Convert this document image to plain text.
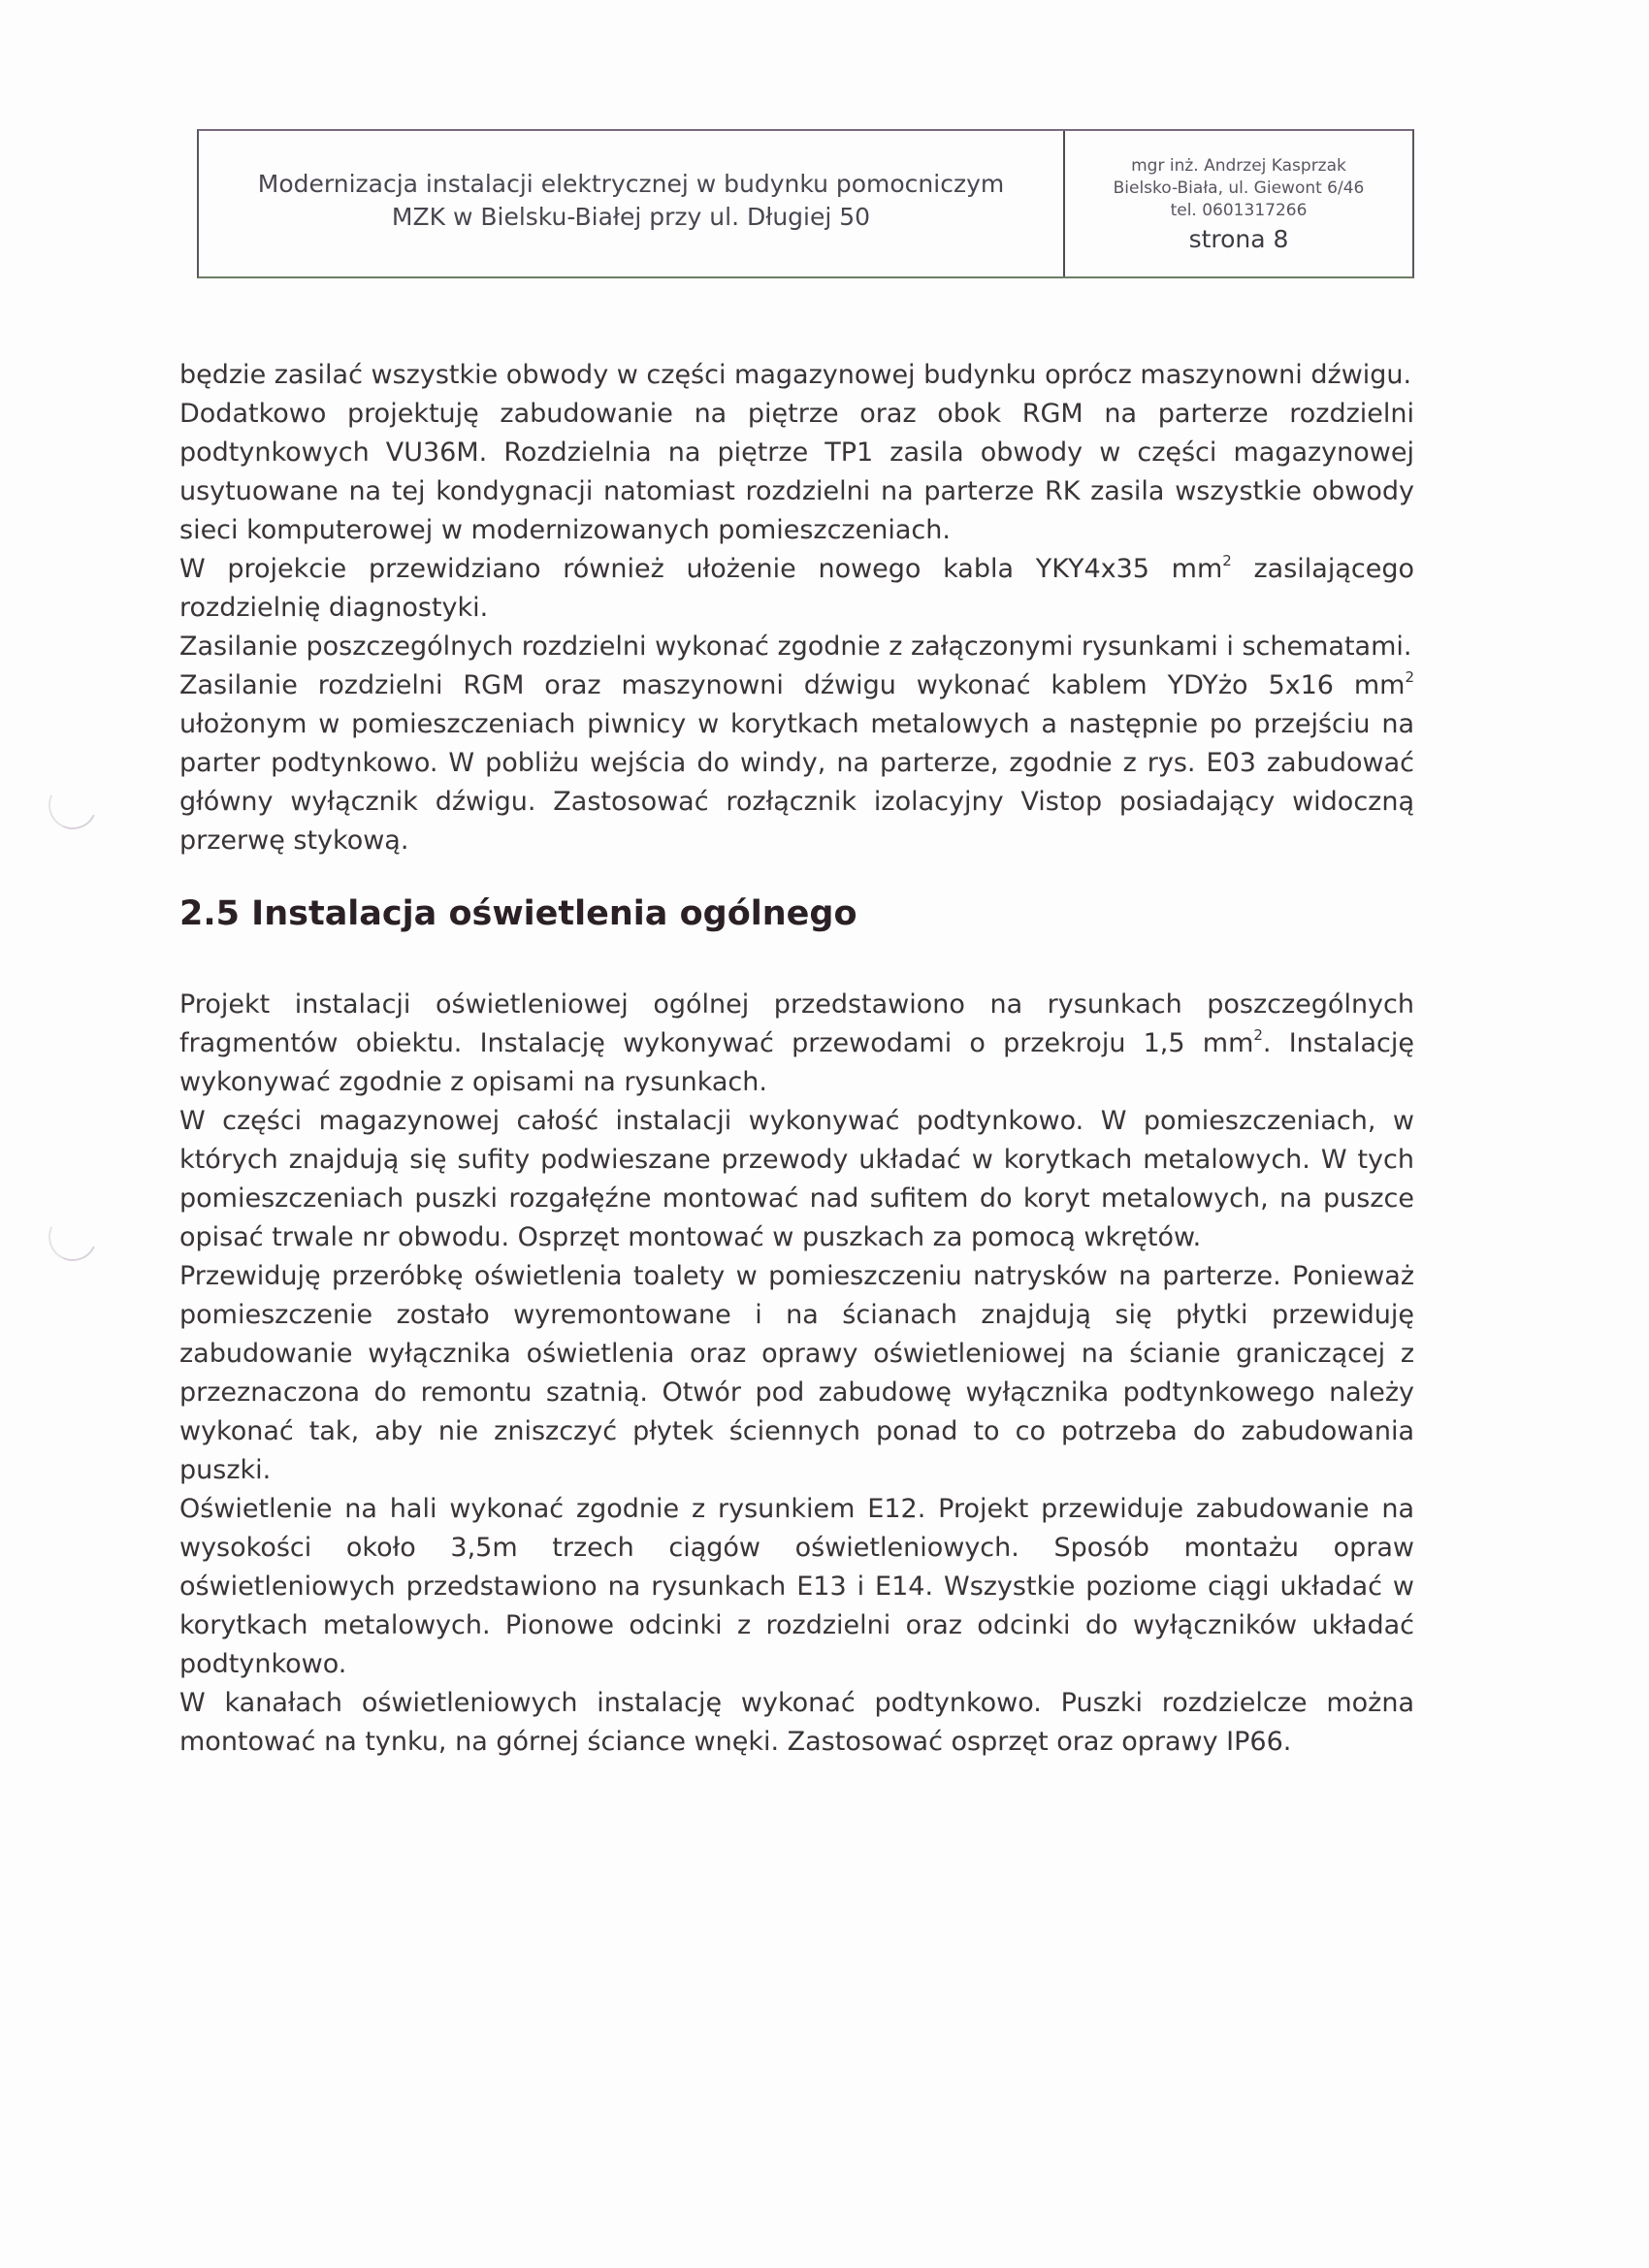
Modernizacja instalacji elektrycznej w budynku pomocniczym
MZK w Bielsku-Białej przy ul. Długiej 50
mgr inż. Andrzej Kasprzak
Bielsko-Biała, ul. Giewont 6/46
tel. 0601317266
strona 8

będzie zasilać wszystkie obwody w części magazynowej budynku oprócz maszynowni dźwigu.

Dodatkowo projektuję zabudowanie na piętrze oraz obok RGM na parterze rozdzielni podtynkowych VU36M. Rozdzielnia na piętrze TP1 zasila obwody w części magazynowej usytuowane na tej kondygnacji natomiast rozdzielni na parterze RK zasila wszystkie obwody sieci komputerowej w modernizowanych pomieszczeniach.

W projekcie przewidziano również ułożenie nowego kabla YKY4x35 $mm^2$ zasilającego rozdzielnię diagnostyki.

Zasilanie poszczególnych rozdzielni wykonać zgodnie z załączonymi rysunkami i schematami.

Zasilanie rozdzielni RGM oraz maszynowni dźwigu wykonać kablem YDYżo 5x16 $mm^2$ ułożonym w pomieszczeniach piwnicy w korytkach metalowych a następnie po przejściu na parter podtynkowo. W pobliżu wejścia do windy, na parterze, zgodnie z rys. E03 zabudować główny wyłącznik dźwigu. Zastosować rozłącznik izolacyjny Vistop posiadający widoczną przerwę stykową.

2.5 Instalacja oświetlenia ogólnego

Projekt instalacji oświetleniowej ogólnej przedstawiono na rysunkach poszczególnych fragmentów obiektu. Instalację wykonywać przewodami o przekroju 1,5 $mm^2$. Instalację wykonywać zgodnie z opisami na rysunkach.

W części magazynowej całość instalacji wykonywać podtynkowo. W pomieszczeniach, w których znajdują się sufity podwieszane przewody układać w korytkach metalowych. W tych pomieszczeniach puszki rozgałęźne montować nad sufitem do koryt metalowych, na puszce opisać trwale nr obwodu. Osprzęt montować w puszkach za pomocą wkrętów.

Przewiduję przeróbkę oświetlenia toalety w pomieszczeniu natrysków na parterze. Ponieważ pomieszczenie zostało wyremontowane i na ścianach znajdują się płytki przewiduję zabudowanie wyłącznika oświetlenia oraz oprawy oświetleniowej na ścianie graniczącej z przeznaczona do remontu szatnią. Otwór pod zabudowę wyłącznika podtynkowego należy wykonać tak, aby nie zniszczyć płytek ściennych ponad to co potrzeba do zabudowania puszki.

Oświetlenie na hali wykonać zgodnie z rysunkiem E12. Projekt przewiduje zabudowanie na wysokości około 3,5m trzech ciągów oświetleniowych. Sposób montażu opraw oświetleniowych przedstawiono na rysunkach E13 i E14. Wszystkie poziome ciągi układać w korytkach metalowych. Pionowe odcinki z rozdzielni oraz odcinki do wyłączników układać podtynkowo.

W kanałach oświetleniowych instalację wykonać podtynkowo. Puszki rozdzielcze można montować na tynku, na górnej ściance wnęki. Zastosować osprzęt oraz oprawy IP66.
